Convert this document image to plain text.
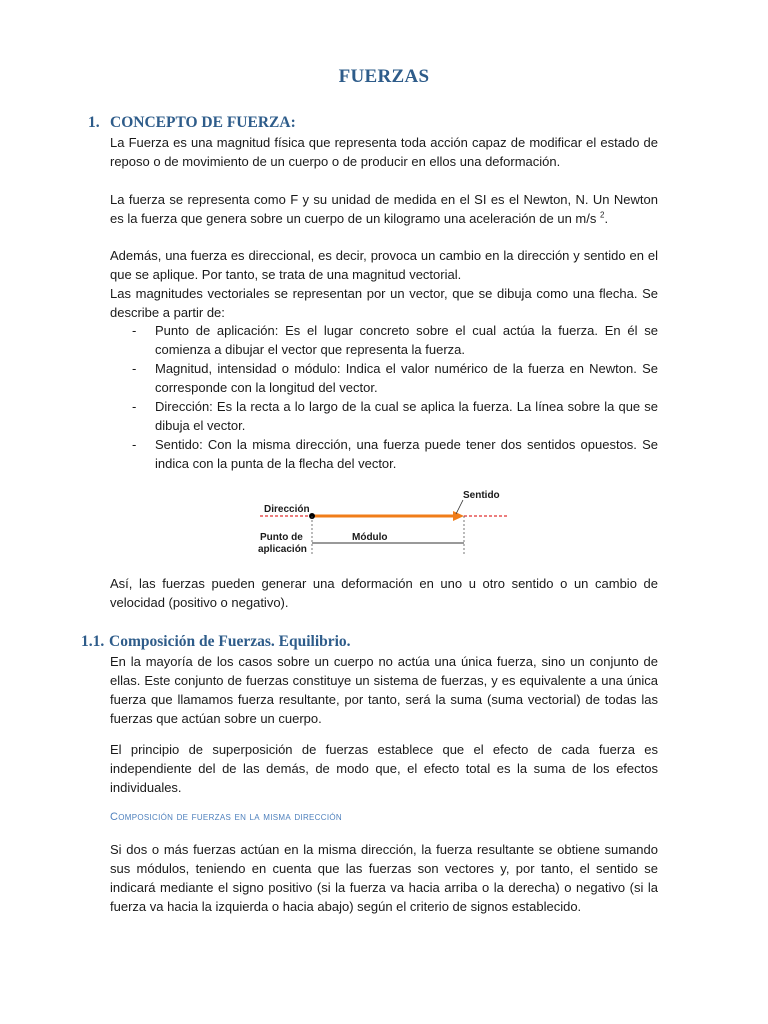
FUERZAS
1. CONCEPTO DE FUERZA:
La Fuerza es una magnitud física que representa toda acción capaz de modificar el estado de reposo o de movimiento de un cuerpo o de producir en ellos una deformación.
La fuerza se representa como F y su unidad de medida en el SI es el Newton, N. Un Newton es la fuerza que genera sobre un cuerpo de un kilogramo una aceleración de un m/s $^2$.
Además, una fuerza es direccional, es decir, provoca un cambio en la dirección y sentido en el que se aplique. Por tanto, se trata de una magnitud vectorial.
Las magnitudes vectoriales se representan por un vector, que se dibuja como una flecha. Se describe a partir de:
- Punto de aplicación: Es el lugar concreto sobre el cual actúa la fuerza. En él se comienza a dibujar el vector que representa la fuerza.
- Magnitud, intensidad o módulo: Indica el valor numérico de la fuerza en Newton. Se corresponde con la longitud del vector.
- Dirección: Es la recta a lo largo de la cual se aplica la fuerza. La línea sobre la que se dibuja el vector.
- Sentido: Con la misma dirección, una fuerza puede tener dos sentidos opuestos. Se indica con la punta de la flecha del vector.
Dirección
Sentido
Punto de
aplicación
Módulo
Así, las fuerzas pueden generar una deformación en uno u otro sentido o un cambio de velocidad (positivo o negativo).
1.1. Composición de Fuerzas. Equilibrio.
En la mayoría de los casos sobre un cuerpo no actúa una única fuerza, sino un conjunto de ellas. Este conjunto de fuerzas constituye un sistema de fuerzas, y es equivalente a una única fuerza que llamamos fuerza resultante, por tanto, será la suma (suma vectorial) de todas las fuerzas que actúan sobre un cuerpo.
El principio de superposición de fuerzas establece que el efecto de cada fuerza es independiente del de las demás, de modo que, el efecto total es la suma de los efectos individuales.
Composición de fuerzas en la misma dirección
Si dos o más fuerzas actúan en la misma dirección, la fuerza resultante se obtiene sumando sus módulos, teniendo en cuenta que las fuerzas son vectores y, por tanto, el sentido se indicará mediante el signo positivo (si la fuerza va hacia arriba o la derecha) o negativo (si la fuerza va hacia la izquierda o hacia abajo) según el criterio de signos establecido.
